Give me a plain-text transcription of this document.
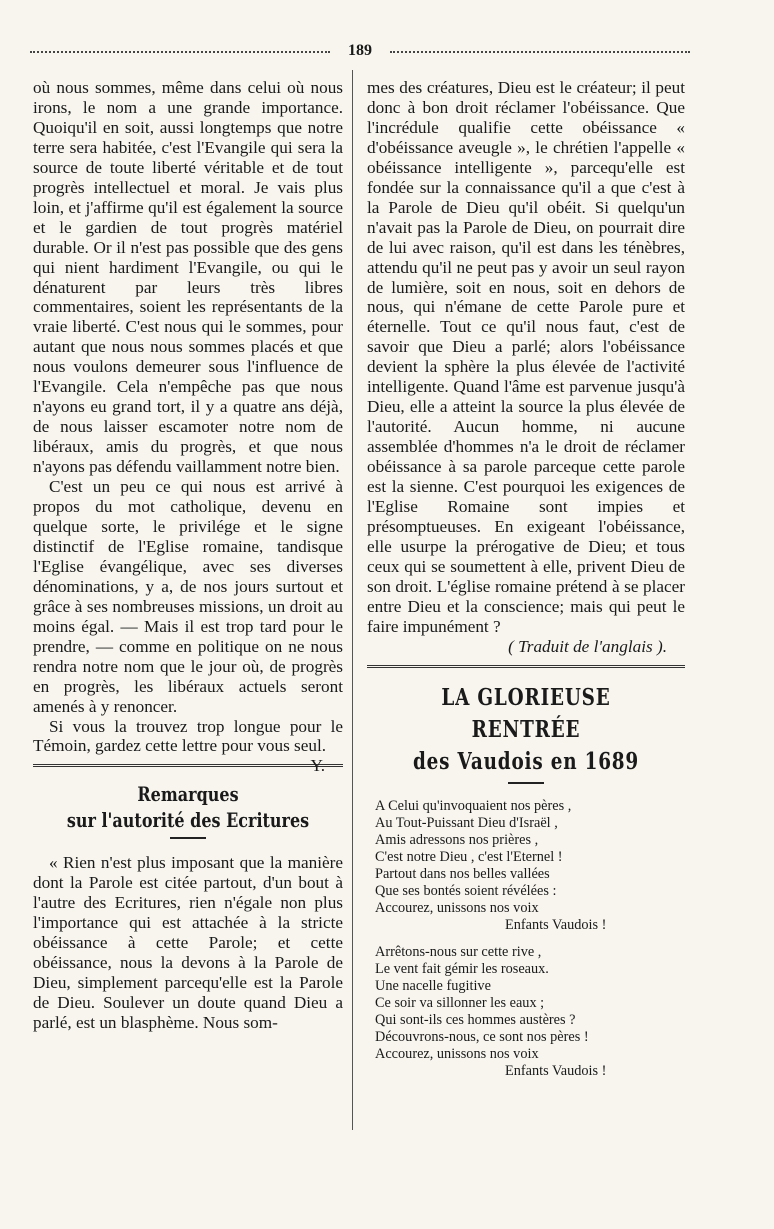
189

où nous sommes, même dans celui où nous irons, le nom a une grande importance. Quoiqu'il en soit, aussi longtemps que notre terre sera habitée, c'est l'Evangile qui sera la source de toute liberté véritable et de tout progrès intellectuel et moral. Je vais plus loin, et j'affirme qu'il est également la source et le gardien de tout progrès matériel durable. Or il n'est pas possible que des gens qui nient hardiment l'Evangile, ou qui le dénaturent par leurs très libres commentaires, soient les représentants de la vraie liberté. C'est nous qui le sommes, pour autant que nous nous sommes placés et que nous voulons demeurer sous l'influence de l'Evangile. Cela n'empêche pas que nous n'ayons eu grand tort, il y a quatre ans déjà, de nous laisser escamoter notre nom de libéraux, amis du progrès, et que nous n'ayons pas défendu vaillamment notre bien.

C'est un peu ce qui nous est arrivé à propos du mot catholique, devenu en quelque sorte, le privilége et le signe distinctif de l'Eglise romaine, tandisque l'Eglise évangélique, avec ses diverses dénominations, y a, de nos jours surtout et grâce à ses nombreuses missions, un droit au moins égal. — Mais il est trop tard pour le prendre, — comme en politique on ne nous rendra notre nom que le jour où, de progrès en progrès, les libéraux actuels seront amenés à y renoncer.

Si vous la trouvez trop longue pour le Témoin, gardez cette lettre pour vous seul.
Y.

Remarques
sur l'autorité des Ecritures

« Rien n'est plus imposant que la manière dont la Parole est citée partout, d'un bout à l'autre des Ecritures, rien n'égale non plus l'importance qui est attachée à la stricte obéissance à cette Parole; et cette obéissance, nous la devons à la Parole de Dieu, simplement parcequ'elle est la Parole de Dieu. Soulever un doute quand Dieu a parlé, est un blasphème. Nous som-

mes des créatures, Dieu est le créateur; il peut donc à bon droit réclamer l'obéissance. Que l'incrédule qualifie cette obéissance « d'obéissance aveugle », le chrétien l'appelle « obéissance intelligente », parcequ'elle est fondée sur la connaissance qu'il a que c'est à la Parole de Dieu qu'il obéit. Si quelqu'un n'avait pas la Parole de Dieu, on pourrait dire de lui avec raison, qu'il est dans les ténèbres, attendu qu'il ne peut pas y avoir un seul rayon de lumière, soit en nous, soit en dehors de nous, qui n'émane de cette Parole pure et éternelle. Tout ce qu'il nous faut, c'est de savoir que Dieu a parlé; alors l'obéissance devient la sphère la plus élevée de l'activité intelligente. Quand l'âme est parvenue jusqu'à Dieu, elle a atteint la source la plus élevée de l'autorité. Aucun homme, ni aucune assemblée d'hommes n'a le droit de réclamer obéissance à sa parole parceque cette parole est la sienne. C'est pourquoi les exigences de l'Eglise Romaine sont impies et présomptueuses. En exigeant l'obéissance, elle usurpe la prérogative de Dieu; et tous ceux qui se soumettent à elle, privent Dieu de son droit. L'église romaine prétend à se placer entre Dieu et la conscience; mais qui peut le faire impunément ?

( Traduit de l'anglais ).

LA GLORIEUSE RENTRÉE
des Vaudois en 1689
A Celui qu'invoquaient nos pères ,
Au Tout-Puissant Dieu d'Israël ,
Amis adressons nos prières ,
C'est notre Dieu , c'est l'Eternel !
Partout dans nos belles vallées
Que ses bontés soient révélées :
Accourez, unissons nos voix
Enfants Vaudois !
Arrêtons-nous sur cette rive ,
Le vent fait gémir les roseaux.
Une nacelle fugitive
Ce soir va sillonner les eaux ;
Qui sont-ils ces hommes austères ?
Découvrons-nous, ce sont nos pères !
Accourez, unissons nos voix
Enfants Vaudois !
